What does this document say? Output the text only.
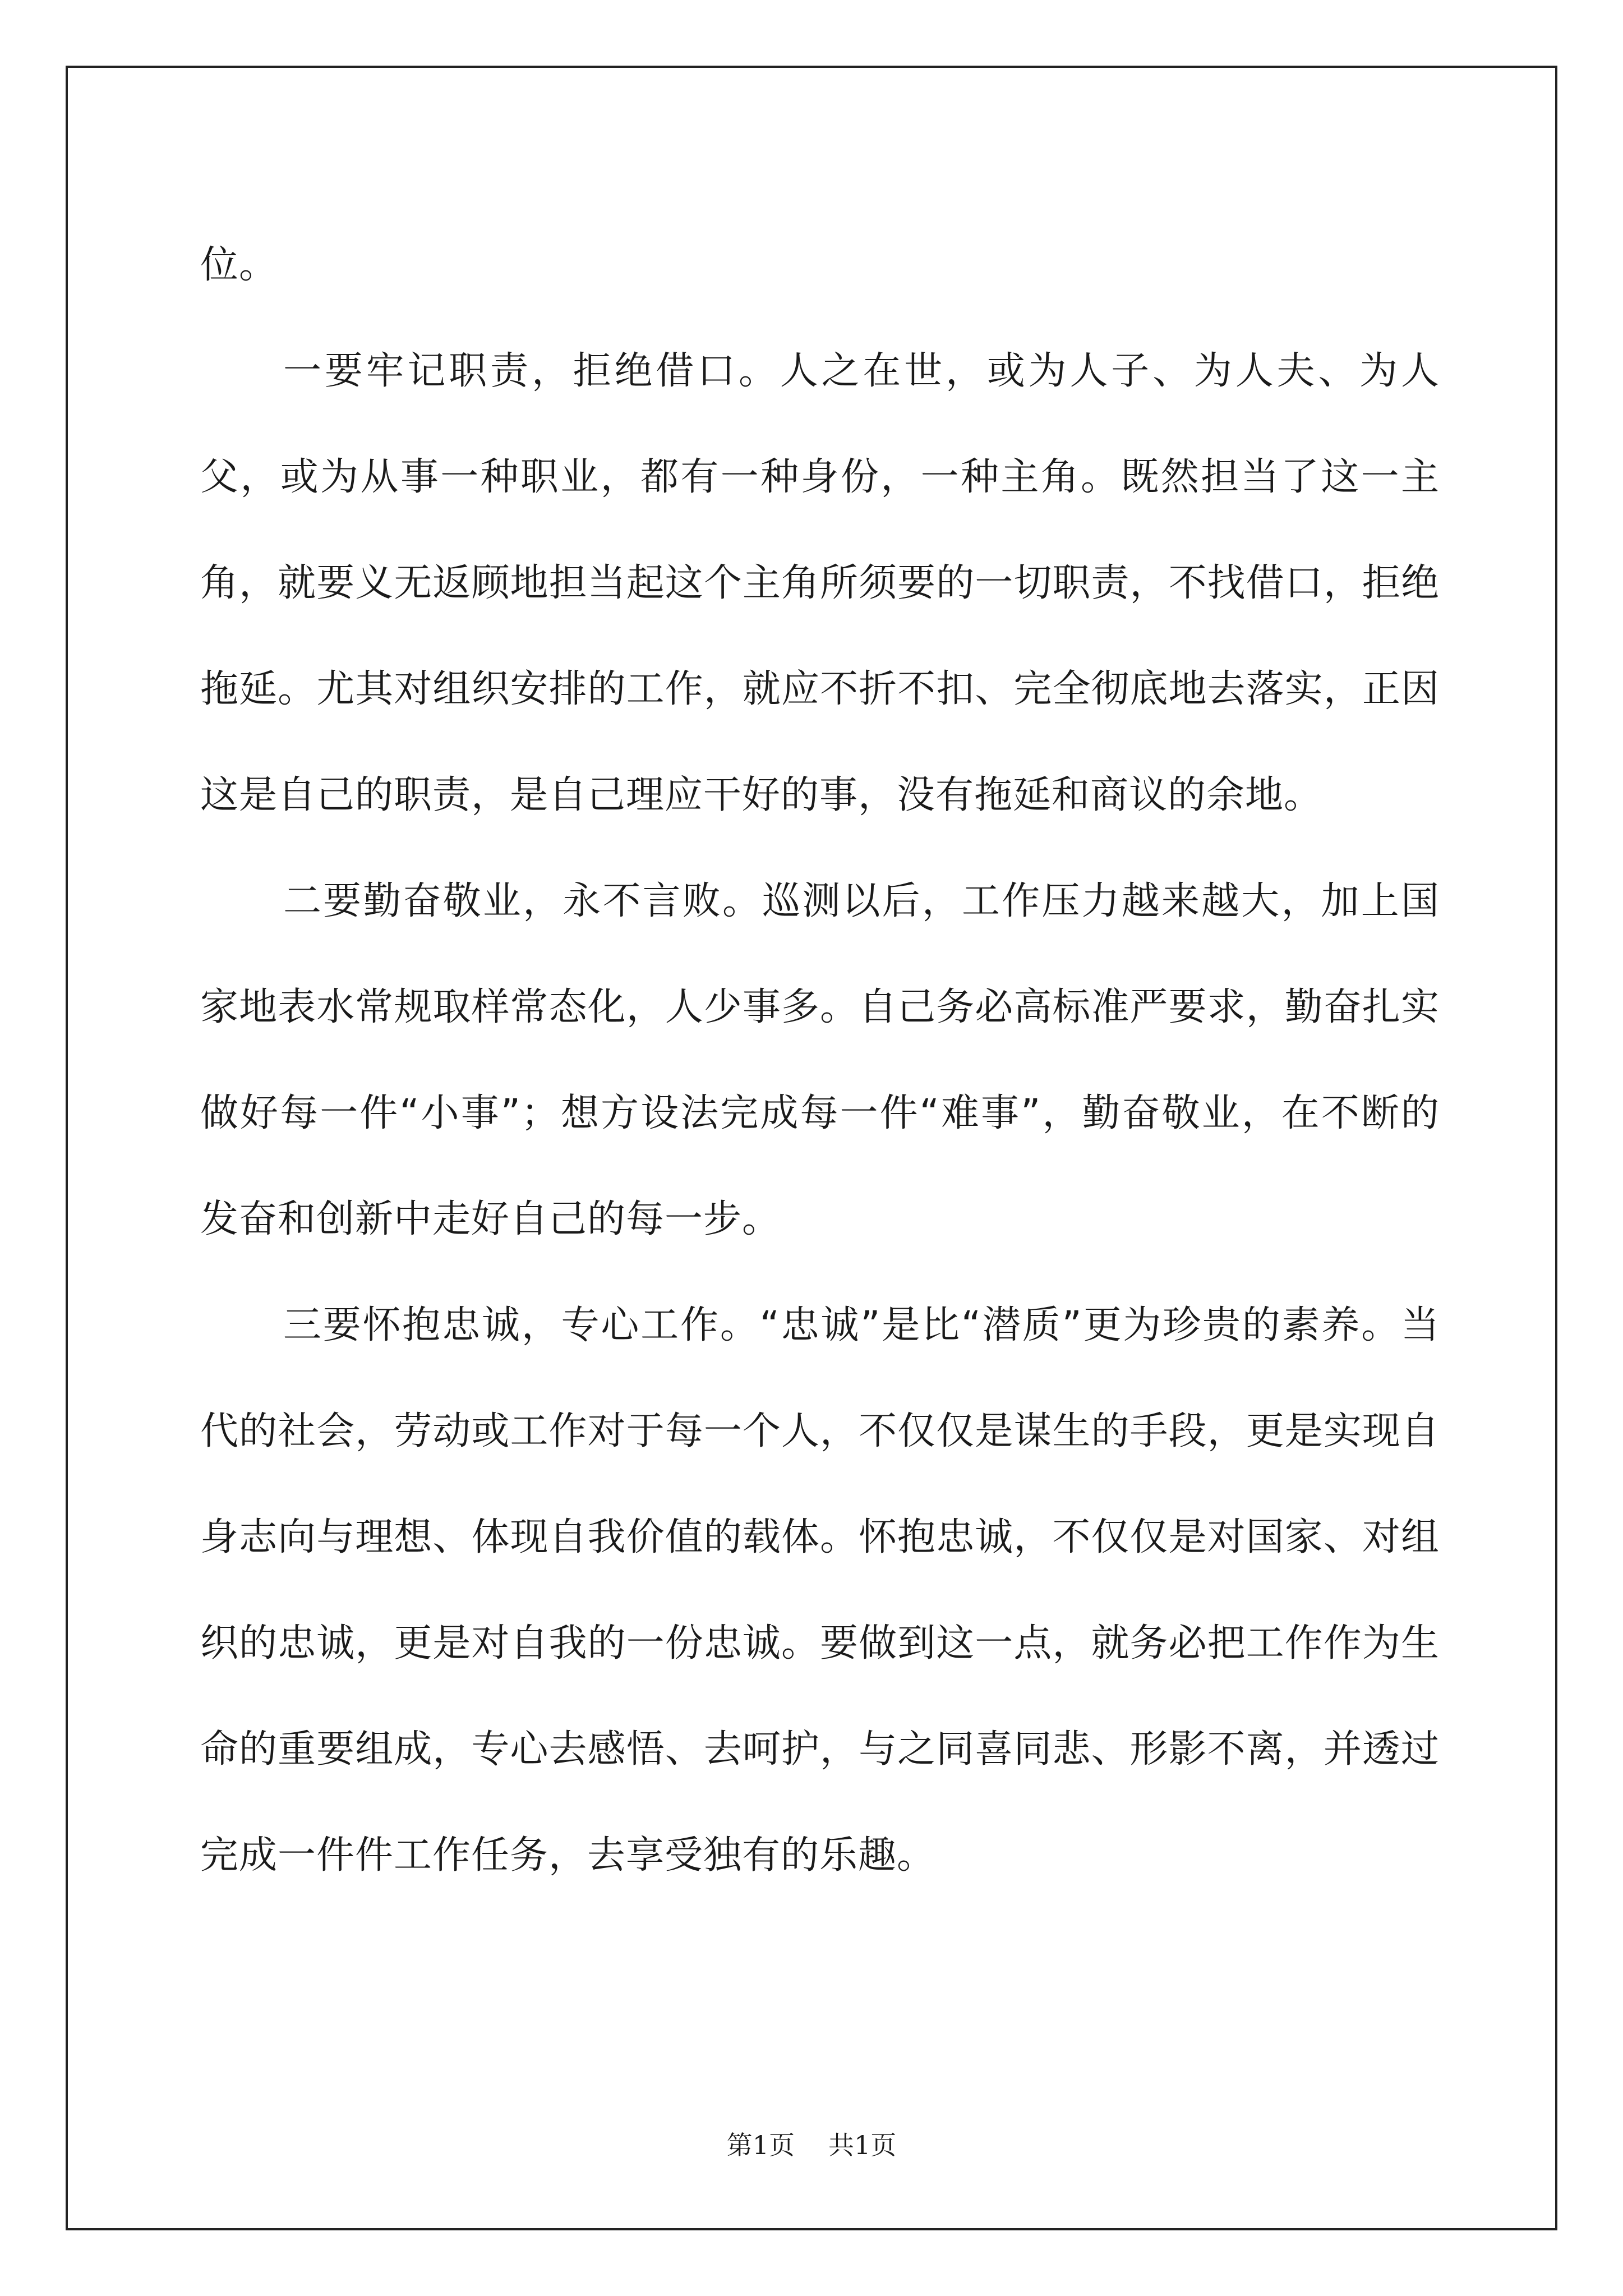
位。

一要牢记职责，拒绝借口。人之在世，或为人子、为人夫、为人父，或为从事一种职业，都有一种身份，一种主角。既然担当了这一主角，就要义无返顾地担当起这个主角所须要的一切职责，不找借口，拒绝拖延。尤其对组织安排的工作，就应不折不扣、完全彻底地去落实，正因这是自己的职责，是自己理应干好的事，没有拖延和商议的余地。

二要勤奋敬业，永不言败。巡测以后，工作压力越来越大，加上国家地表水常规取样常态化，人少事多。自己务必高标准严要求，勤奋扎实做好每一件“小事”；想方设法完成每一件“难事”，勤奋敬业，在不断的发奋和创新中走好自己的每一步。

三要怀抱忠诚，专心工作。“忠诚”是比“潜质”更为珍贵的素养。当代的社会，劳动或工作对于每一个人，不仅仅是谋生的手段，更是实现自身志向与理想、体现自我价值的载体。怀抱忠诚，不仅仅是对国家、对组织的忠诚，更是对自我的一份忠诚。要做到这一点，就务必把工作作为生命的重要组成，专心去感悟、去呵护，与之同喜同悲、形影不离，并透过完成一件件工作任务，去享受独有的乐趣。

第1页 共1页
